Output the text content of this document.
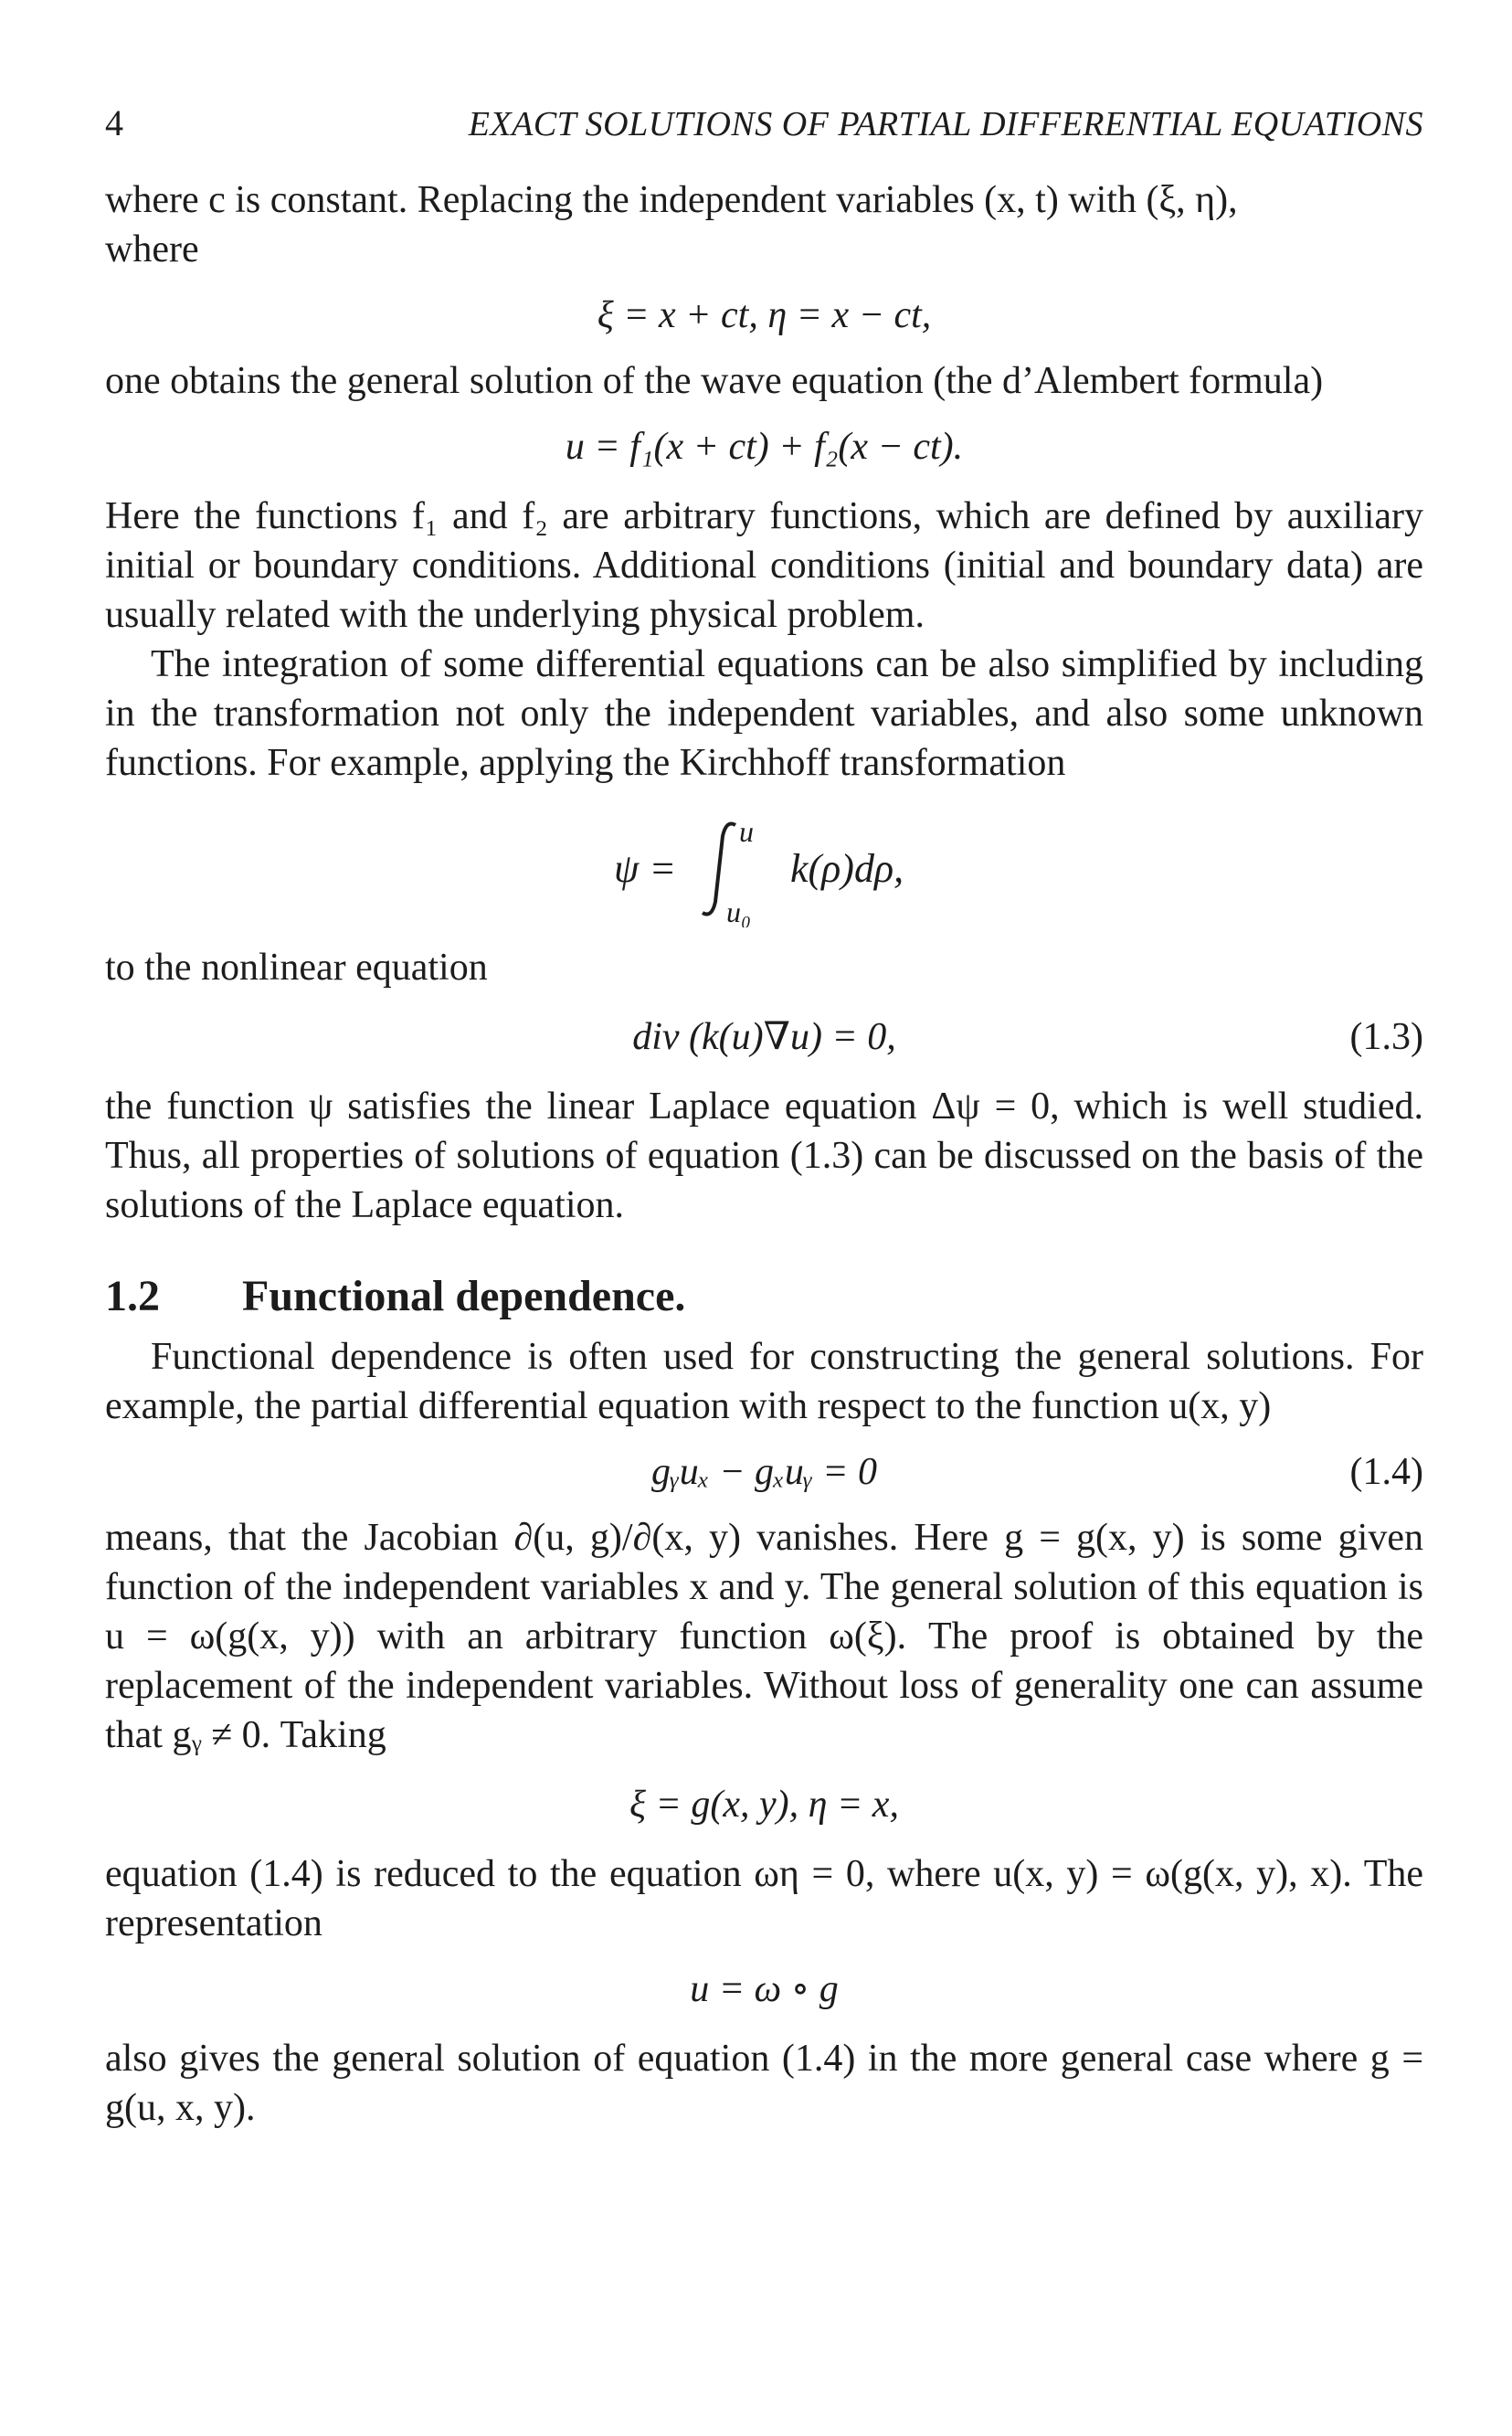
4	EXACT SOLUTIONS OF PARTIAL DIFFERENTIAL EQUATIONS

where c is constant. Replacing the independent variables (x, t) with (ξ, η),

where

ξ = x + ct, η = x − ct,

one obtains the general solution of the wave equation (the d’Alembert formula)

u = f₁(x + ct) + f₂(x − ct).

Here the functions f₁ and f₂ are arbitrary functions, which are defined by auxiliary initial or boundary conditions. Additional conditions (initial and boundary data) are usually related with the underlying physical problem.

The integration of some differential equations can be also simplified by including in the transformation not only the independent variables, and also some unknown functions. For example, applying the Kirchhoff transformation

ψ =
u
u₀
k(ρ)dρ,

to the nonlinear equation

div (k(u)∇u) = 0,	(1.3)

the function ψ satisfies the linear Laplace equation Δψ = 0, which is well studied. Thus, all properties of solutions of equation (1.3) can be discussed on the basis of the solutions of the Laplace equation.

1.2	Functional dependence.

Functional dependence is often used for constructing the general solutions. For example, the partial differential equation with respect to the function u(x, y)

gᵧuₓ − gₓuᵧ = 0	(1.4)

means, that the Jacobian ∂(u, g)/∂(x, y) vanishes. Here g = g(x, y) is some given function of the independent variables x and y. The general solution of this equation is u = ω(g(x, y)) with an arbitrary function ω(ξ). The proof is obtained by the replacement of the independent variables. Without loss of generality one can assume that gᵧ ≠ 0. Taking

ξ = g(x, y), η = x,

equation (1.4) is reduced to the equation ωη = 0, where u(x, y) = ω(g(x, y), x). The representation

u = ω ∘ g

also gives the general solution of equation (1.4) in the more general case where g = g(u, x, y).
